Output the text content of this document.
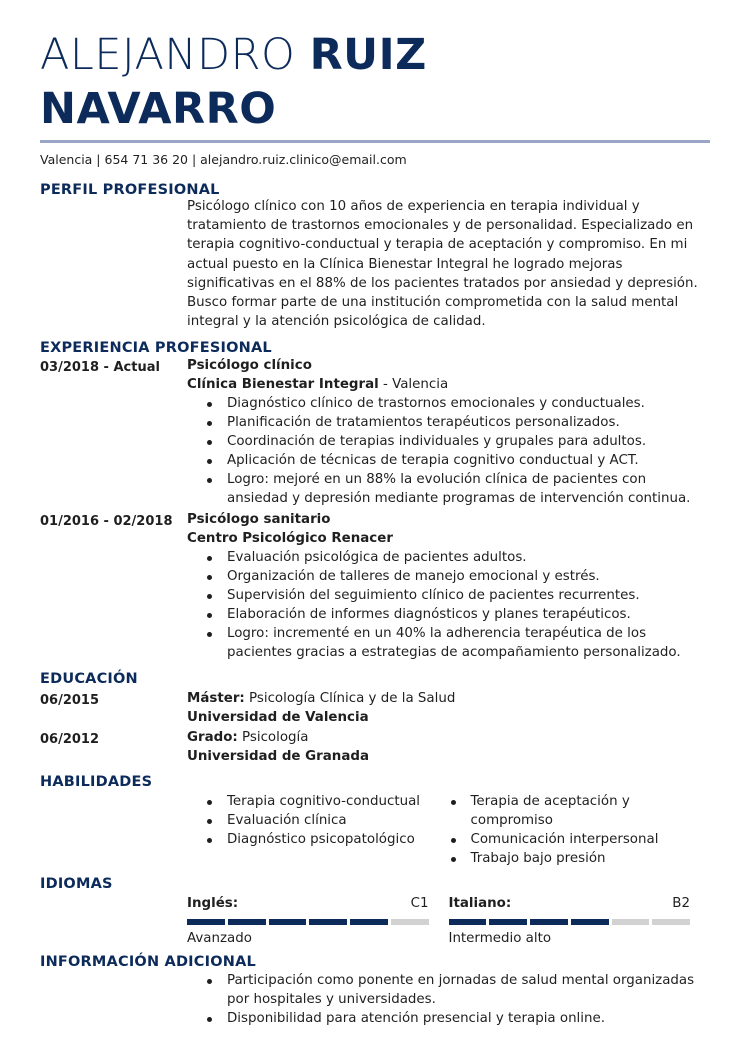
ALEJANDRO RUIZ
NAVARRO
Valencia | 654 71 36 20 | alejandro.ruiz.clinico@email.com
PERFIL PROFESIONAL
Psicólogo clínico con 10 años de experiencia en terapia individual y tratamiento de trastornos emocionales y de personalidad. Especializado en terapia cognitivo-conductual y terapia de aceptación y compromiso. En mi actual puesto en la Clínica Bienestar Integral he logrado mejoras significativas en el 88% de los pacientes tratados por ansiedad y depresión. Busco formar parte de una institución comprometida con la salud mental integral y la atención psicológica de calidad.
EXPERIENCIA PROFESIONAL
03/2018 - Actual	Psicólogo clínico
Clínica Bienestar Integral - Valencia
Diagnóstico clínico de trastornos emocionales y conductuales.
Planificación de tratamientos terapéuticos personalizados.
Coordinación de terapias individuales y grupales para adultos.
Aplicación de técnicas de terapia cognitivo conductual y ACT.
Logro: mejoré en un 88% la evolución clínica de pacientes con ansiedad y depresión mediante programas de intervención continua.
01/2016 - 02/2018	Psicólogo sanitario
Centro Psicológico Renacer
Evaluación psicológica de pacientes adultos.
Organización de talleres de manejo emocional y estrés.
Supervisión del seguimiento clínico de pacientes recurrentes.
Elaboración de informes diagnósticos y planes terapéuticos.
Logro: incrementé en un 40% la adherencia terapéutica de los pacientes gracias a estrategias de acompañamiento personalizado.
EDUCACIÓN
06/2015	Máster: Psicología Clínica y de la Salud
Universidad de Valencia
06/2012	Grado: Psicología
Universidad de Granada
HABILIDADES
Terapia cognitivo-conductual
Evaluación clínica
Diagnóstico psicopatológico
Terapia de aceptación y compromiso
Comunicación interpersonal
Trabajo bajo presión
IDIOMAS
Inglés:	C1
Avanzado
Italiano:	B2
Intermedio alto
INFORMACIÓN ADICIONAL
Participación como ponente en jornadas de salud mental organizadas por hospitales y universidades.
Disponibilidad para atención presencial y terapia online.
